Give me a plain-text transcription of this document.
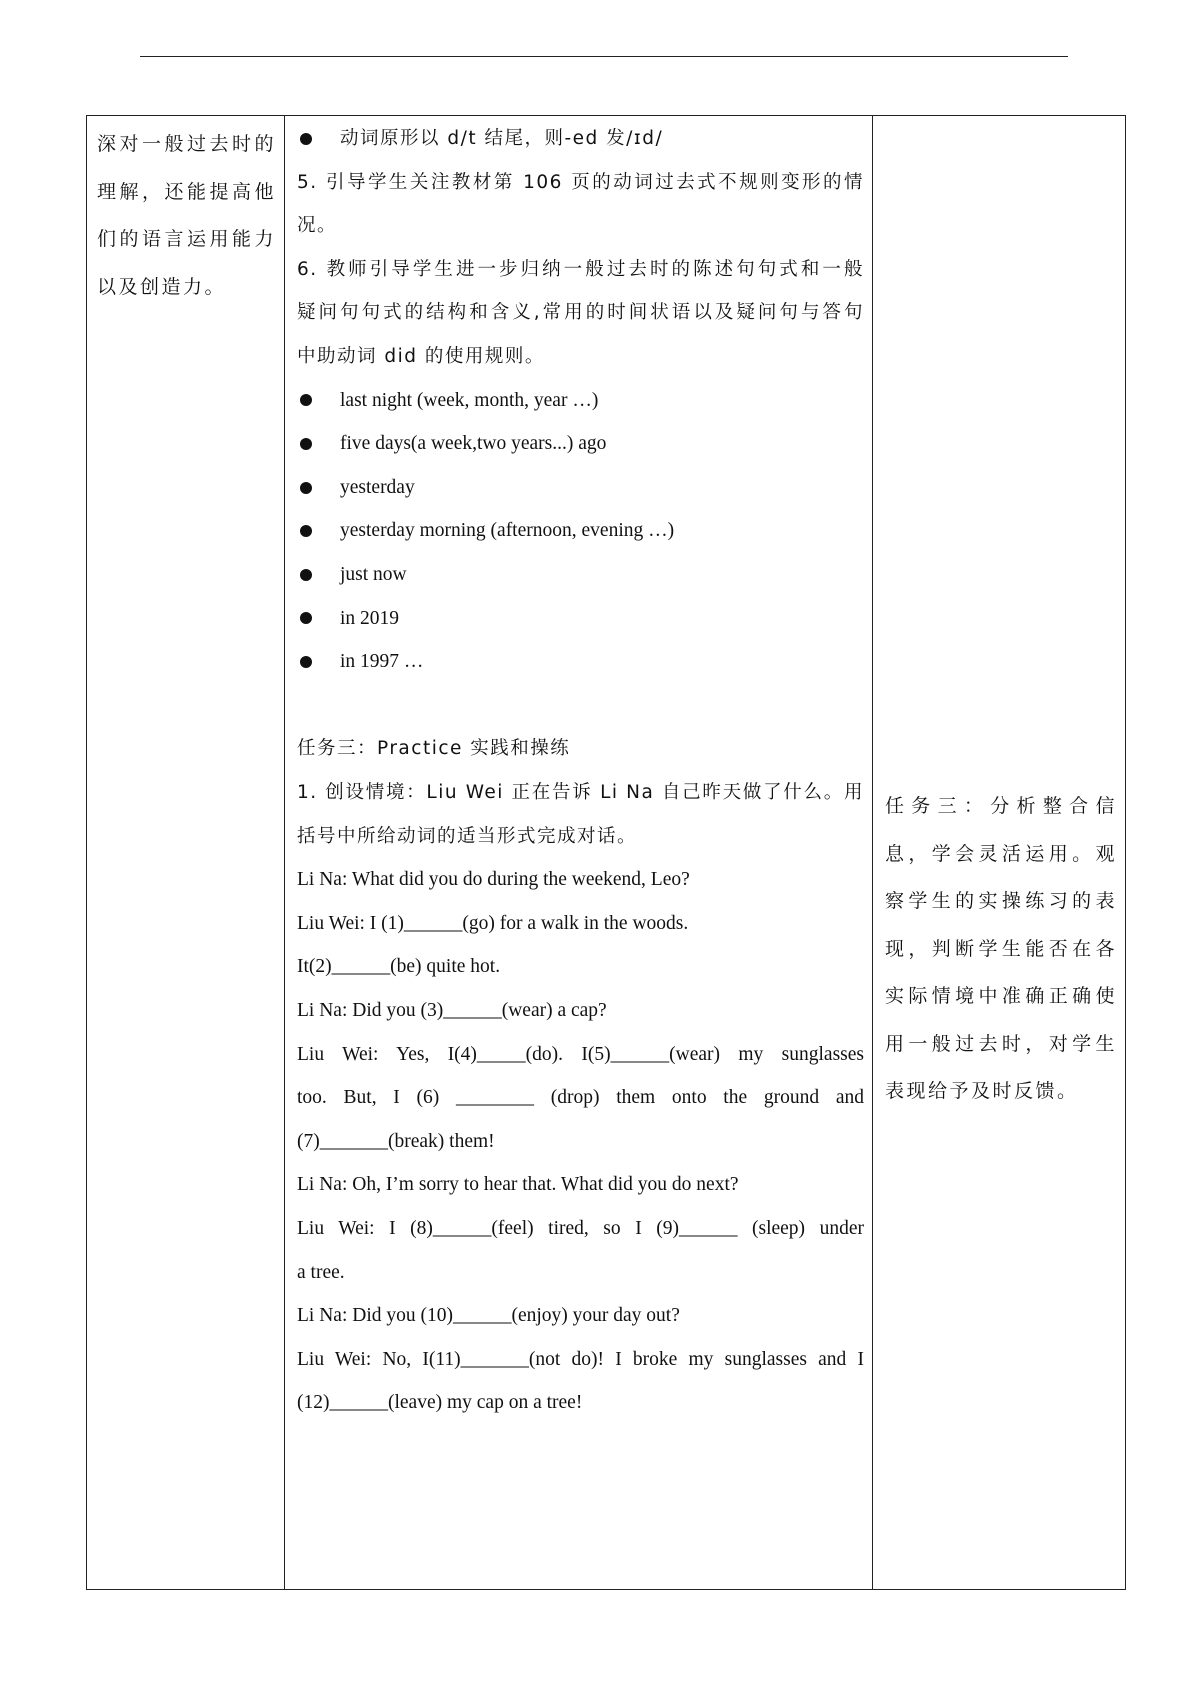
深对一般过去时的理解，还能提高他们的语言运用能力以及创造力。
动词原形以 d/t 结尾，则-ed 发/ɪd/
5. 引导学生关注教材第 106 页的动词过去式不规则变形的情
况。
6. 教师引导学生进一步归纳一般过去时的陈述句句式和一般
疑问句句式的结构和含义,常用的时间状语以及疑问句与答句
中助动词 did 的使用规则。
last night (week, month, year …)
five days(a week,two years...) ago
yesterday
yesterday morning (afternoon, evening …)
just now
in 2019
in 1997 …
任务三：Practice 实践和操练
1. 创设情境：Liu Wei 正在告诉 Li Na 自己昨天做了什么。用
括号中所给动词的适当形式完成对话。
Li Na: What did you do during the weekend, Leo?
Liu Wei: I (1)______(go) for a walk in the woods.
It(2)______(be) quite hot.
Li Na: Did you (3)______(wear) a cap?
Liu Wei: Yes, I(4)_____(do). I(5)______(wear) my sunglasses
too. But, I (6) ________ (drop) them onto the ground and
(7)_______(break) them!
Li Na: Oh, I’m sorry to hear that. What did you do next?
Liu Wei: I (8)______(feel) tired, so I (9)______ (sleep) under
a tree.
Li Na: Did you (10)______(enjoy) your day out?
Liu Wei: No, I(11)_______(not do)! I broke my sunglasses and I
(12)______(leave) my cap on a tree!
任务三：分析整合信息，学会灵活运用。观察学生的实操练习的表现，判断学生能否在各实际情境中准确正确使用一般过去时，对学生表现给予及时反馈。
